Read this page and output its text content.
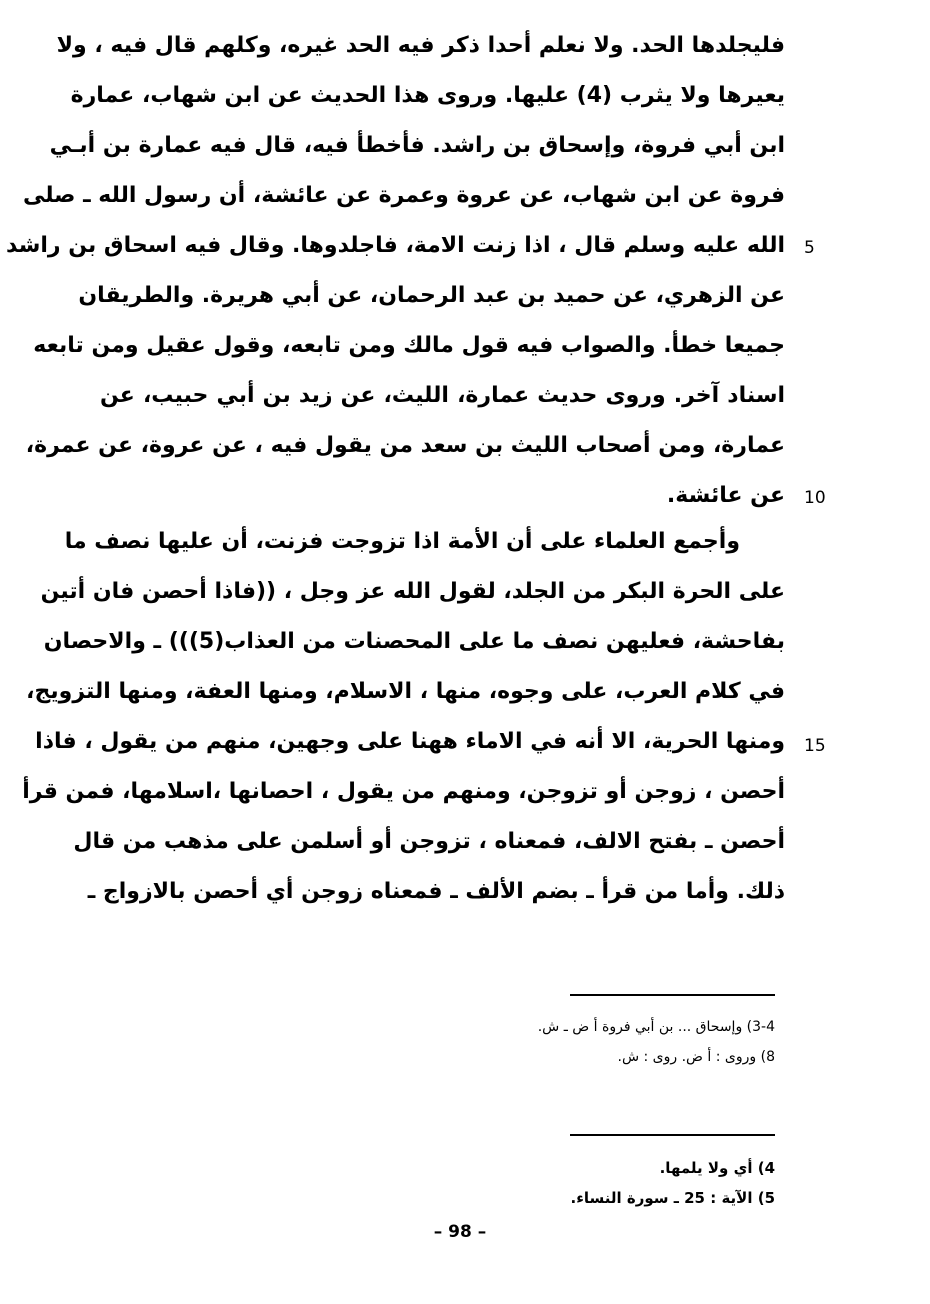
فليجلدها الحد. ولا نعلم أحدا ذكر فيه الحد غيره، وكلهم قال فيه ، ولا
يعيرها ولا يثرب (4) عليها. وروى هذا الحديث عن ابن شهاب، عمارة
ابن أبي فروة، وإسحاق بن راشد. فأخطأ فيه، قال فيه عمارة بن أبـي
فروة عن ابن شهاب، عن عروة وعمرة عن عائشة، أن رسول الله ـ صلى
الله عليه وسلم قال ، اذا زنت الامة، فاجلدوها. وقال فيه اسحاق بن راشد
عن الزهري، عن حميد بن عبد الرحمان، عن أبي هريرة. والطريقان
جميعا خطأ. والصواب فيه قول مالك ومن تابعه، وقول عقيل ومن تابعه
اسناد آخر. وروى حديث عمارة، الليث، عن زيد بن أبي حبيب، عن
عمارة، ومن أصحاب الليث بن سعد من يقول فيه ، عن عروة، عن عمرة،
عن عائشة.
وأجمع العلماء على أن الأمة اذا تزوجت فزنت، أن عليها نصف ما
على الحرة البكر من الجلد، لقول الله عز وجل ، ((فاذا أحصن فان أتين
بفاحشة، فعليهن نصف ما على المحصنات من العذاب(5))) ـ والاحصان
في كلام العرب، على وجوه، منها ، الاسلام، ومنها العفة، ومنها التزويج،
ومنها الحرية، الا أنه في الاماء ههنا على وجهين، منهم من يقول ، فاذا
أحصن ، زوجن أو تزوجن، ومنهم من يقول ، احصانها ،اسلامها، فمن قرأ
أحصن ـ بفتح الالف، فمعناه ، تزوجن أو أسلمن على مذهب من قال
ذلك. وأما من قرأ ـ بضم الألف ـ فمعناه زوجن أي أحصن بالازواج ـ
5
10
15
3-4) وإسحاق ... بن أبي فروة أ ض ـ ش.
8) وروى : أ ض. روى : ش.
4) أي ولا يلمها.
5) الآية : 25 ـ سورة النساء.
– 98 –
